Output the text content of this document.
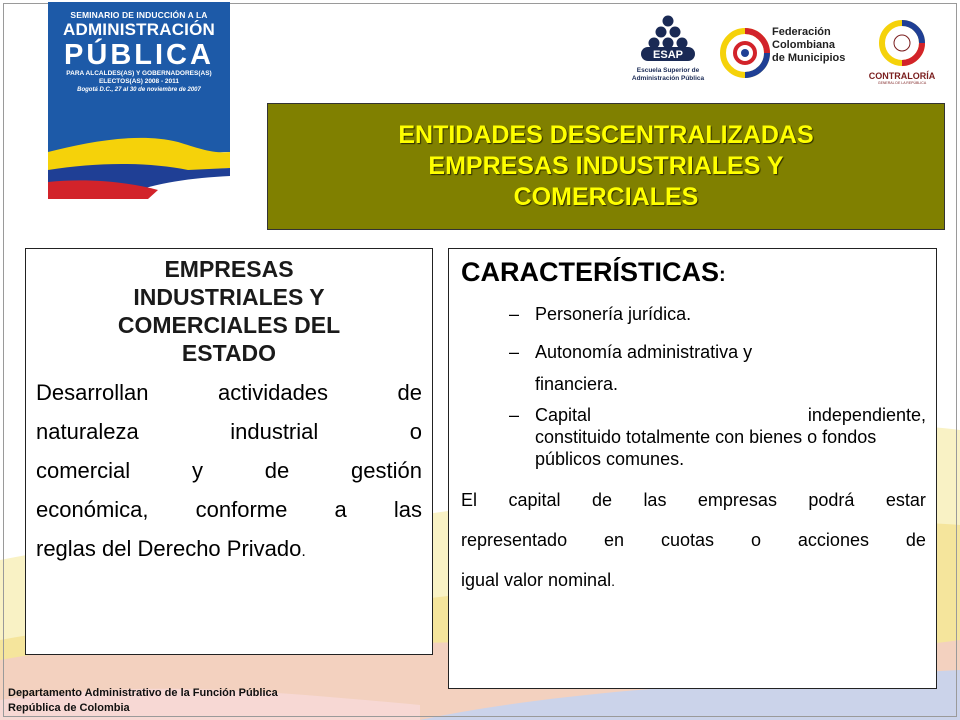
SEMINARIO DE INDUCCIÓN A LA
ADMINISTRACIÓN
PÚBLICA
PARA ALCALDES(AS) Y GOBERNADORES(AS)
ELECTOS(AS) 2008 - 2011
Bogotá D.C., 27 al 30 de noviembre de 2007
ESAP
Escuela Superior de
Administración Pública
Federación
Colombiana
de Municipios
CONTRALORÍA
GENERAL DE LA REPÚBLICA
ENTIDADES DESCENTRALIZADAS
EMPRESAS INDUSTRIALES Y
COMERCIALES
EMPRESAS
INDUSTRIALES Y
COMERCIALES DEL
ESTADO
Desarrollan	actividades	de
naturaleza	industrial	o
comercial	y	de	gestión
económica, conforme a las
reglas del Derecho Privado.
CARACTERÍSTICAS:
– Personería jurídica.
– Autonomía administrativa y
financiera.
– Capital	independiente,
constituido totalmente con bienes o fondos públicos comunes.
El capital de las empresas podrá estar
representado en cuotas o acciones de
igual valor nominal.
Departamento Administrativo de la Función Pública
República de Colombia
